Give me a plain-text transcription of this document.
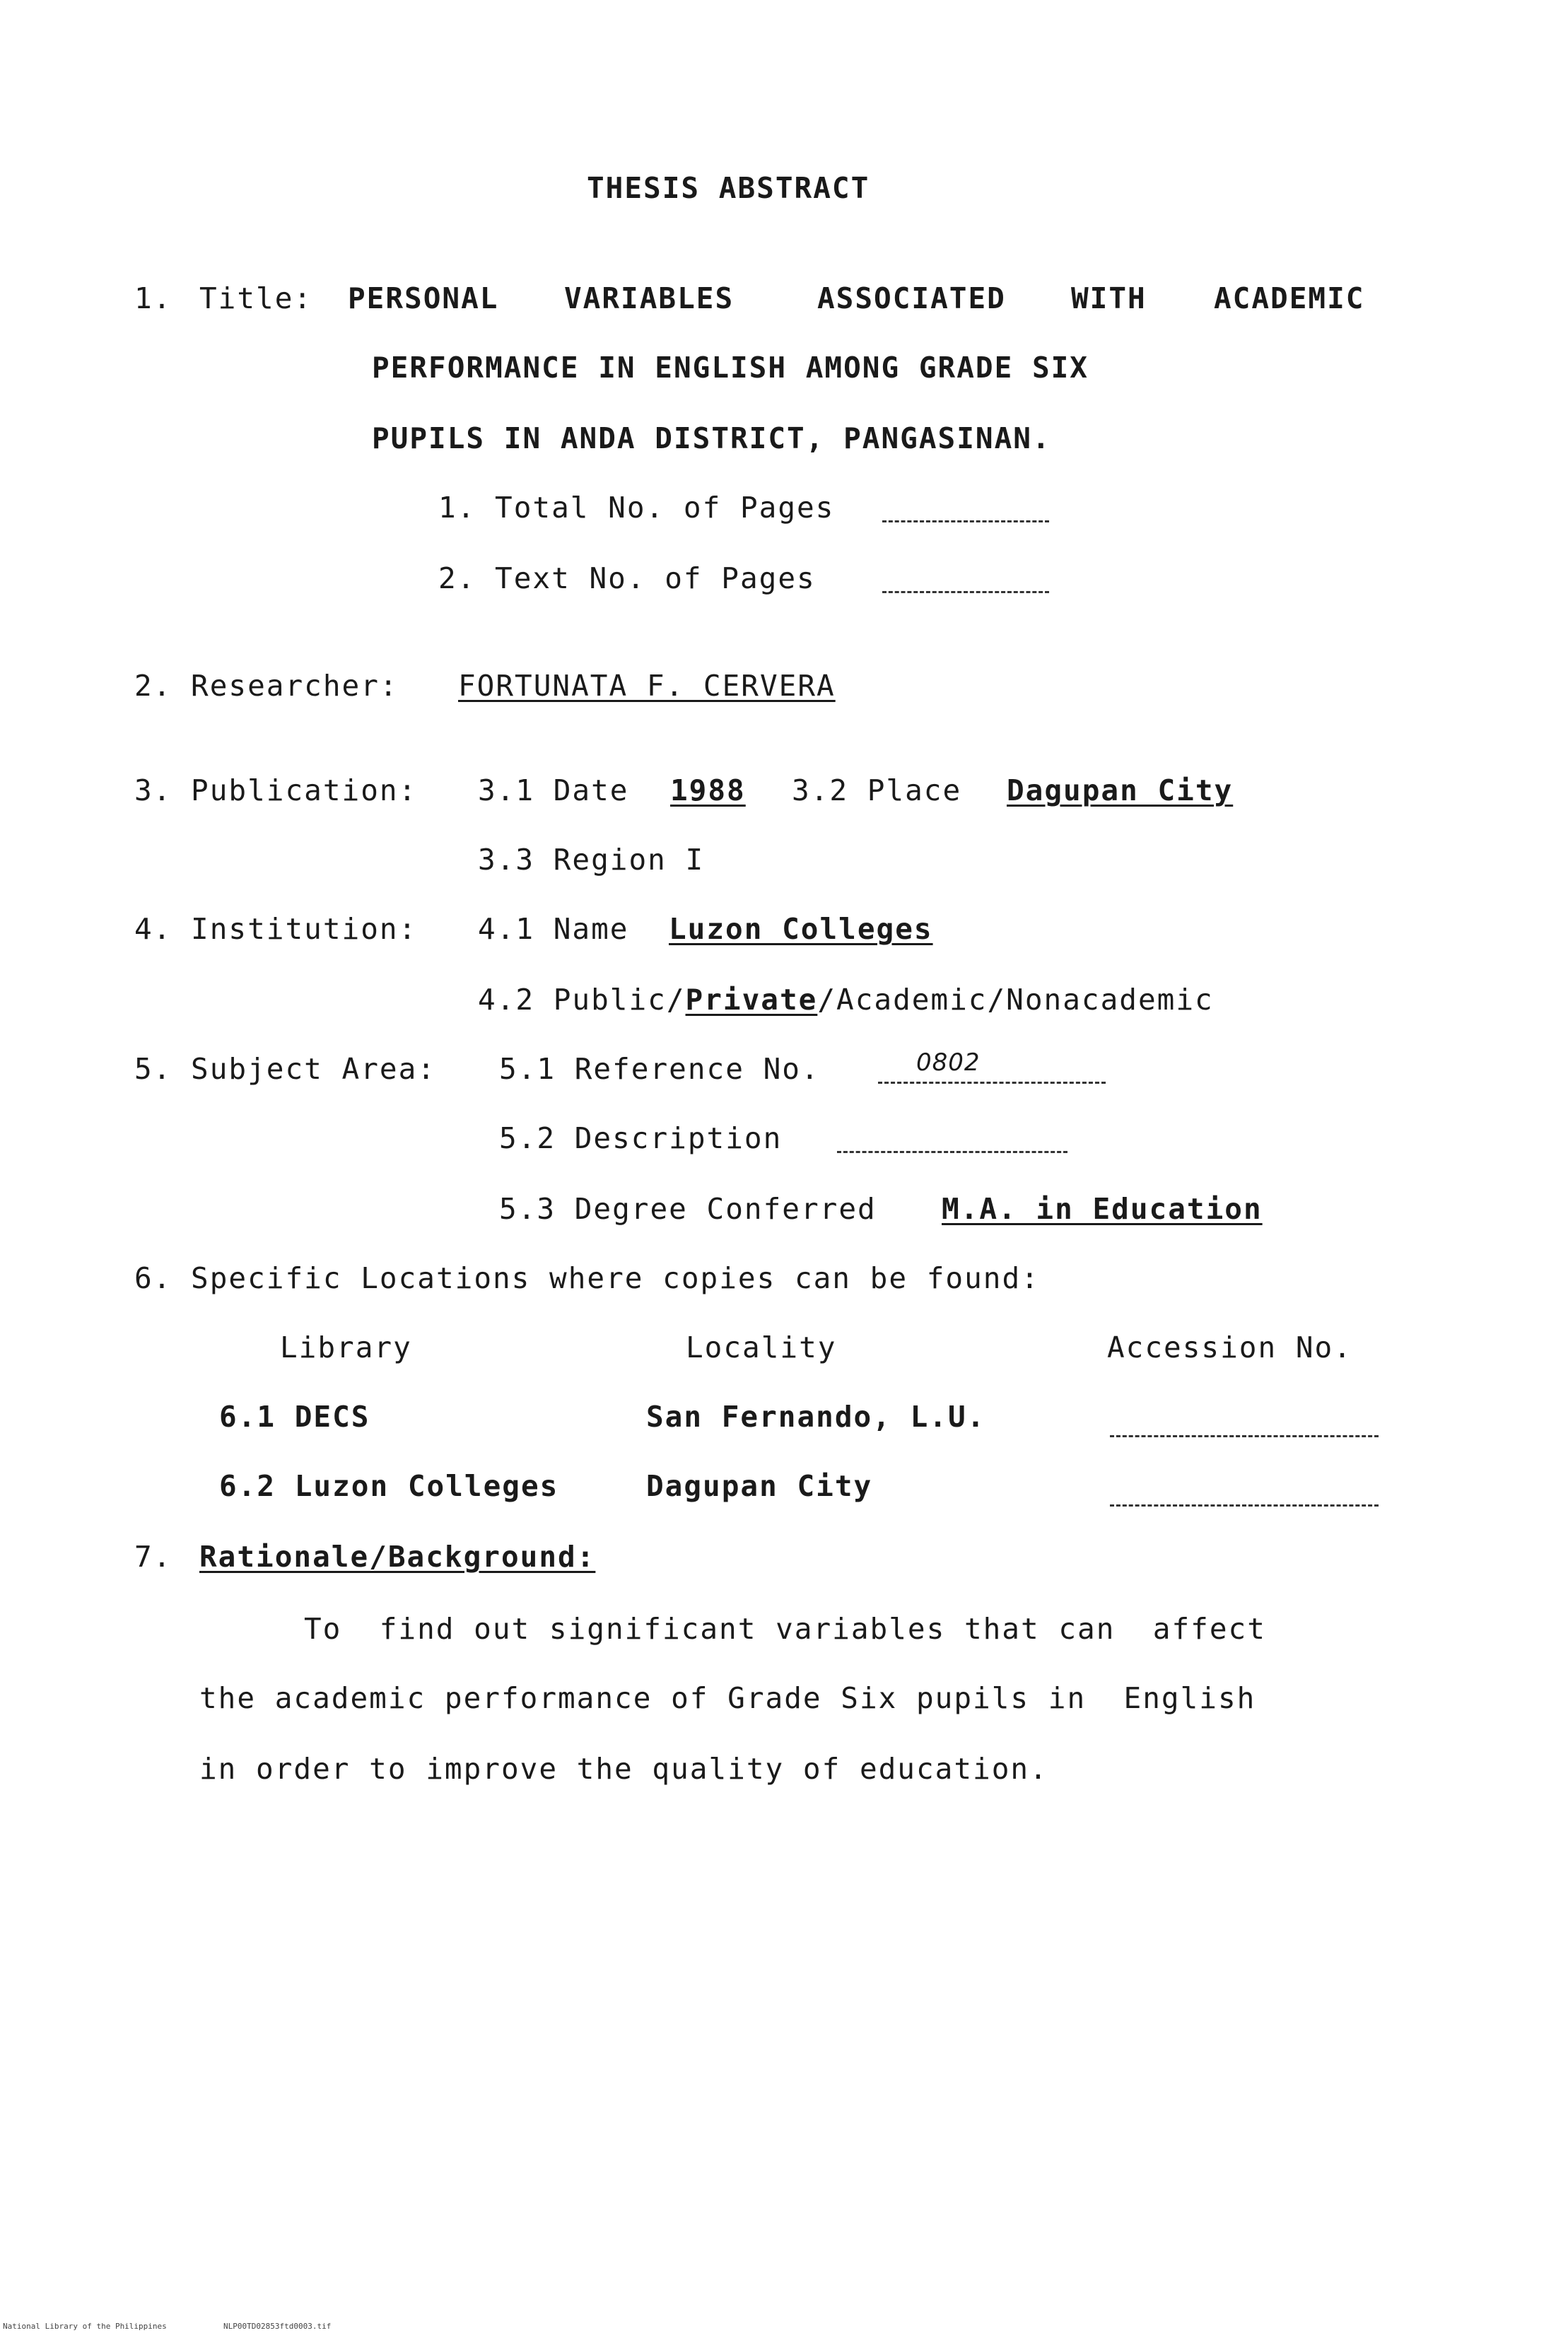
THESIS ABSTRACT
1. Title: PERSONAL VARIABLES	ASSOCIATED WITH ACADEMIC
PERFORMANCE IN ENGLISH AMONG GRADE SIX
PUPILS IN ANDA DISTRICT, PANGASINAN.
1. Total No. of Pages
2. Text No. of Pages
2. Researcher: FORTUNATA F. CERVERA
3. Publication: 3.1 Date 1988 3.2 Place Dagupan City
3.3 Region I
4. Institution: 4.1 Name Luzon Colleges
4.2 Public/Private/Academic/Nonacademic
5. Subject Area: 5.1 Reference No.	0802
5.2 Description
5.3 Degree Conferred M.A. in Education
6. Specific Locations where copies can be found:
Library	Locality	Accession No.
6.1 DECS	San Fernando, L.U.
6.2 Luzon Colleges	Dagupan City
7. Rationale/Background:
To  find out significant variables that can  affect
the academic performance of Grade Six pupils in  English
in order to improve the quality of education.
National Library of the Philippines	NLP00TD02853ftd0003.tif
